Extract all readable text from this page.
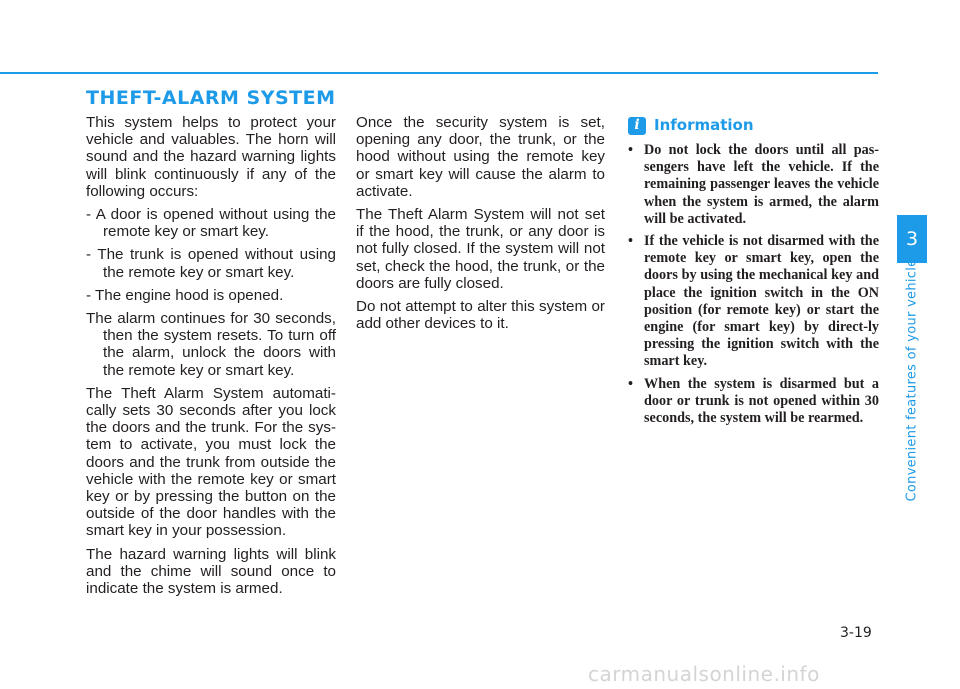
THEFT-ALARM SYSTEM

This system helps to protect your vehicle and valuables. The horn will sound and the hazard warning lights will blink continuously if any of the following occurs:

- A door is opened without using the remote key or smart key.

- The trunk is opened without using the remote key or smart key.

- The engine hood is opened.

The alarm continues for 30 seconds, then the system resets. To turn off the alarm, unlock the doors with the remote key or smart key.

The Theft Alarm System automati-cally sets 30 seconds after you lock the doors and the trunk. For the sys-tem to activate, you must lock the doors and the trunk from outside the vehicle with the remote key or smart key or by pressing the button on the outside of the door handles with the smart key in your possession.

The hazard warning lights will blink and the chime will sound once to indicate the system is armed.

Once the security system is set, opening any door, the trunk, or the hood without using the remote key or smart key will cause the alarm to activate.

The Theft Alarm System will not set if the hood, the trunk, or any door is not fully closed. If the system will not set, check the hood, the trunk, or the doors are fully closed.

Do not attempt to alter this system or add other devices to it.

i Information
• Do not lock the doors until all pas-sengers have left the vehicle. If the remaining passenger leaves the vehicle when the system is armed, the alarm will be activated.
• If the vehicle is not disarmed with the remote key or smart key, open the doors by using the mechanical key and place the ignition switch in the ON position (for remote key) or start the engine (for smart key) by direct-ly pressing the ignition switch with the smart key.
• When the system is disarmed but a door or trunk is not opened within 30 seconds, the system will be rearmed.
3
Convenient features of your vehicle
3-19
carmanualsonline.info
